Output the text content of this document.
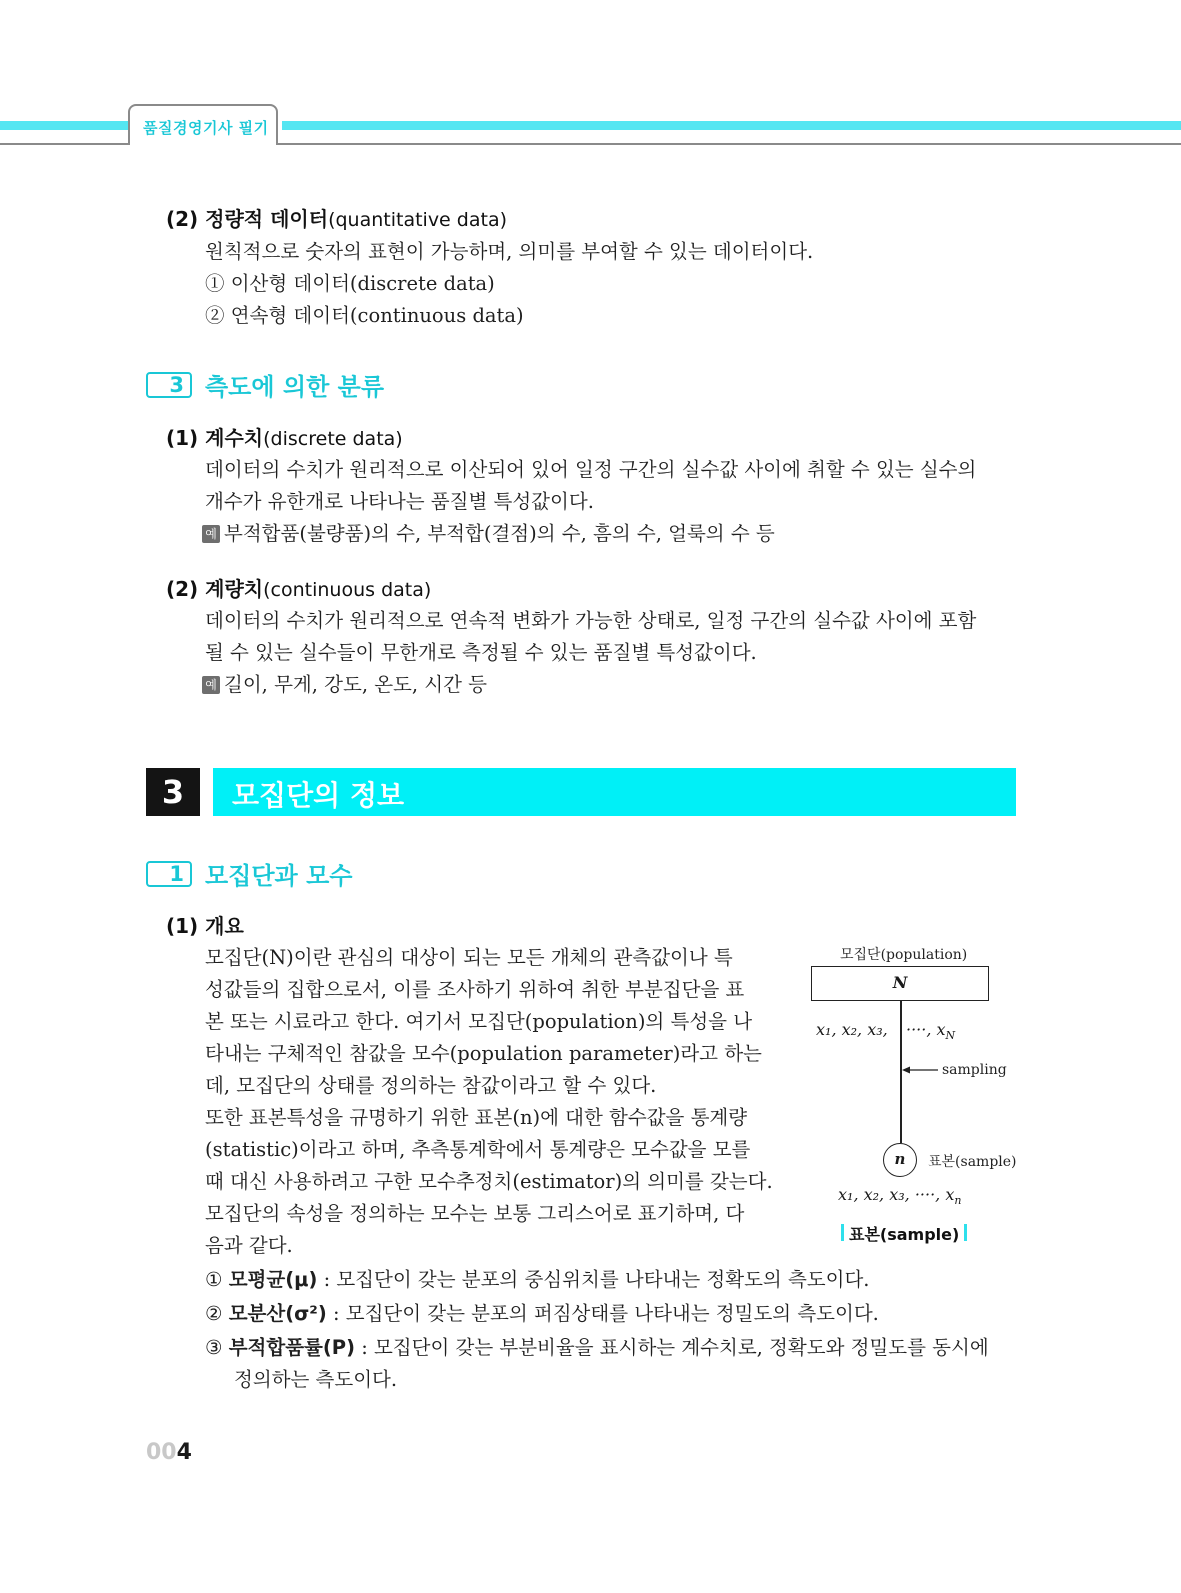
품질경영기사 필기
(2) 정량적 데이터(quantitative data)
원칙적으로 숫자의 표현이 가능하며, 의미를 부여할 수 있는 데이터이다.
① 이산형 데이터(discrete data)
② 연속형 데이터(continuous data)
3 측도에 의한 분류
(1) 계수치(discrete data)
데이터의 수치가 원리적으로 이산되어 있어 일정 구간의 실수값 사이에 취할 수 있는 실수의
개수가 유한개로 나타나는 품질별 특성값이다.
예 부적합품(불량품)의 수, 부적합(결점)의 수, 흠의 수, 얼룩의 수 등
(2) 계량치(continuous data)
데이터의 수치가 원리적으로 연속적 변화가 가능한 상태로, 일정 구간의 실수값 사이에 포함
될 수 있는 실수들이 무한개로 측정될 수 있는 품질별 특성값이다.
예 길이, 무게, 강도, 온도, 시간 등
3	모집단의 정보
1 모집단과 모수
(1) 개요
모집단(N)이란 관심의 대상이 되는 모든 개체의 관측값이나 특
성값들의 집합으로서, 이를 조사하기 위하여 취한 부분집단을 표
본 또는 시료라고 한다. 여기서 모집단(population)의 특성을 나
타내는 구체적인 참값을 모수(population parameter)라고 하는
데, 모집단의 상태를 정의하는 참값이라고 할 수 있다.
또한 표본특성을 규명하기 위한 표본(n)에 대한 함수값을 통계량
(statistic)이라고 하며, 추측통계학에서 통계량은 모수값을 모를
때 대신 사용하려고 구한 모수추정치(estimator)의 의미를 갖는다.
모집단의 속성을 정의하는 모수는 보통 그리스어로 표기하며, 다
음과 같다.
① 모평균(μ) : 모집단이 갖는 분포의 중심위치를 나타내는 정확도의 측도이다.
② 모분산(σ²) : 모집단이 갖는 분포의 퍼짐상태를 나타내는 정밀도의 측도이다.
③ 부적합품률(P) : 모집단이 갖는 부분비율을 표시하는 계수치로, 정확도와 정밀도를 동시에
정의하는 측도이다.
모집단(population)
N
x₁, x₂, x₃, ····, $x_N$
sampling
n	표본(sample)
x₁, x₂, x₃, ····, $x_n$
표본(sample)
004
